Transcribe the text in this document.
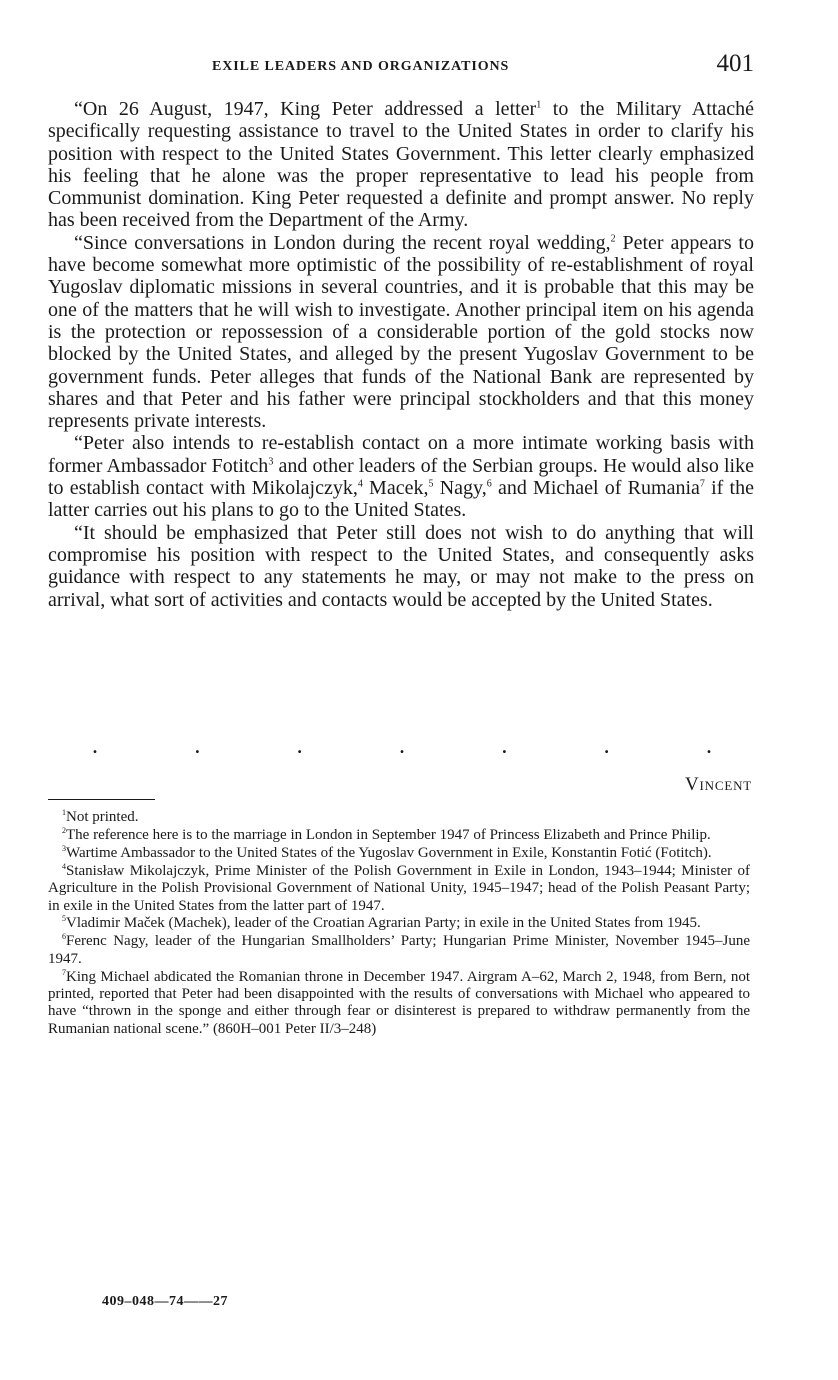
EXILE LEADERS AND ORGANIZATIONS	401

“On 26 August, 1947, King Peter addressed a letter$^1$ to the Military Attaché specifically requesting assistance to travel to the United States in order to clarify his position with respect to the United States Government. This letter clearly emphasized his feeling that he alone was the proper representative to lead his people from Communist domination. King Peter requested a definite and prompt answer. No reply has been received from the Department of the Army.

“Since conversations in London during the recent royal wedding,$^2$ Peter appears to have become somewhat more optimistic of the possibility of re-establishment of royal Yugoslav diplomatic missions in several countries, and it is probable that this may be one of the matters that he will wish to investigate. Another principal item on his agenda is the protection or repossession of a considerable portion of the gold stocks now blocked by the United States, and alleged by the present Yugoslav Government to be government funds. Peter alleges that funds of the National Bank are represented by shares and that Peter and his father were principal stockholders and that this money represents private interests.

“Peter also intends to re-establish contact on a more intimate working basis with former Ambassador Fotitch$^3$ and other leaders of the Serbian groups. He would also like to establish contact with Mikolajczyk,$^4$ Macek,$^5$ Nagy,$^6$ and Michael of Rumania$^7$ if the latter carries out his plans to go to the United States.

“It should be emphasized that Peter still does not wish to do anything that will compromise his position with respect to the United States, and consequently asks guidance with respect to any statements he may, or may not make to the press on arrival, what sort of activities and contacts would be accepted by the United States.

.	.	.	.	.	.	.
Vincent

$^1$Not printed.

$^2$The reference here is to the marriage in London in September 1947 of Princess Elizabeth and Prince Philip.

$^3$Wartime Ambassador to the United States of the Yugoslav Government in Exile, Konstantin Fotić (Fotitch).

$^4$Stanisław Mikolajczyk, Prime Minister of the Polish Government in Exile in London, 1943–1944; Minister of Agriculture in the Polish Provisional Government of National Unity, 1945–1947; head of the Polish Peasant Party; in exile in the United States from the latter part of 1947.

$^5$Vladimir Maček (Machek), leader of the Croatian Agrarian Party; in exile in the United States from 1945.

$^6$Ferenc Nagy, leader of the Hungarian Smallholders’ Party; Hungarian Prime Minister, November 1945–June 1947.

$^7$King Michael abdicated the Romanian throne in December 1947. Airgram A–62, March 2, 1948, from Bern, not printed, reported that Peter had been disappointed with the results of conversations with Michael who appeared to have “thrown in the sponge and either through fear or disinterest is prepared to withdraw permanently from the Rumanian national scene.” (860H–001 Peter II/3–248)

409–048—74——27
